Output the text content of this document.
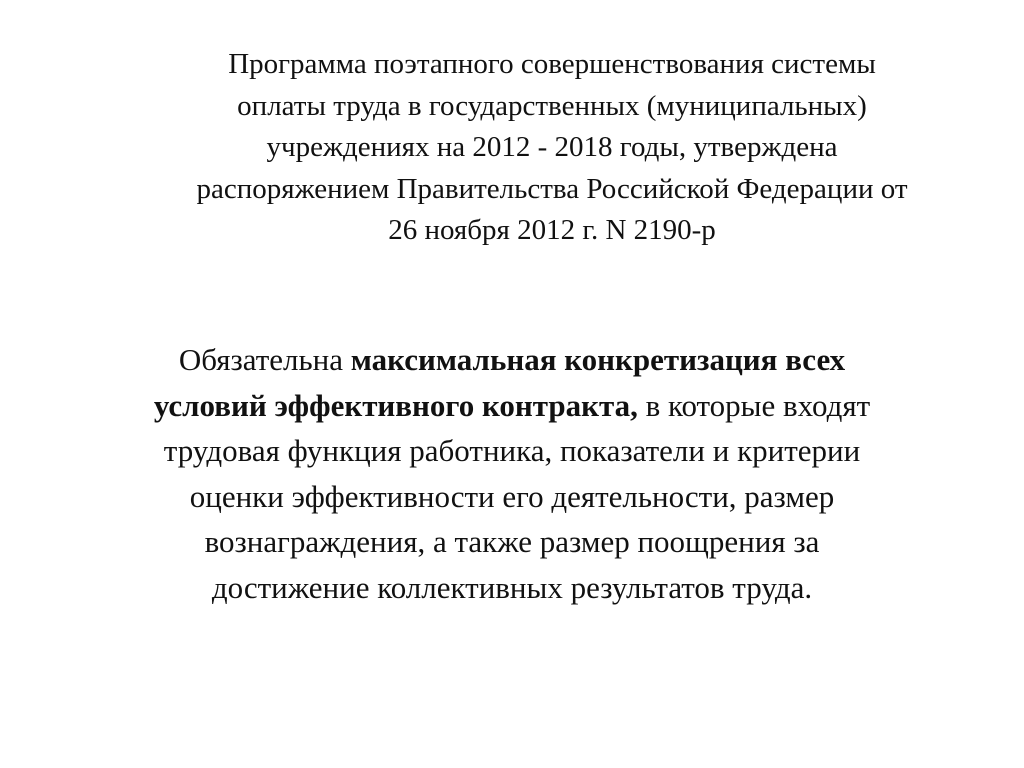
Программа поэтапного совершенствования системы
оплаты труда в государственных (муниципальных)
учреждениях на 2012 - 2018 годы, утверждена
распоряжением Правительства Российской Федерации от
26 ноября 2012 г. N 2190-р
Обязательна максимальная конкретизация всех
условий эффективного контракта, в которые входят
трудовая функция работника, показатели и критерии
оценки эффективности его деятельности, размер
вознаграждения, а также размер поощрения за
достижение коллективных результатов труда.
